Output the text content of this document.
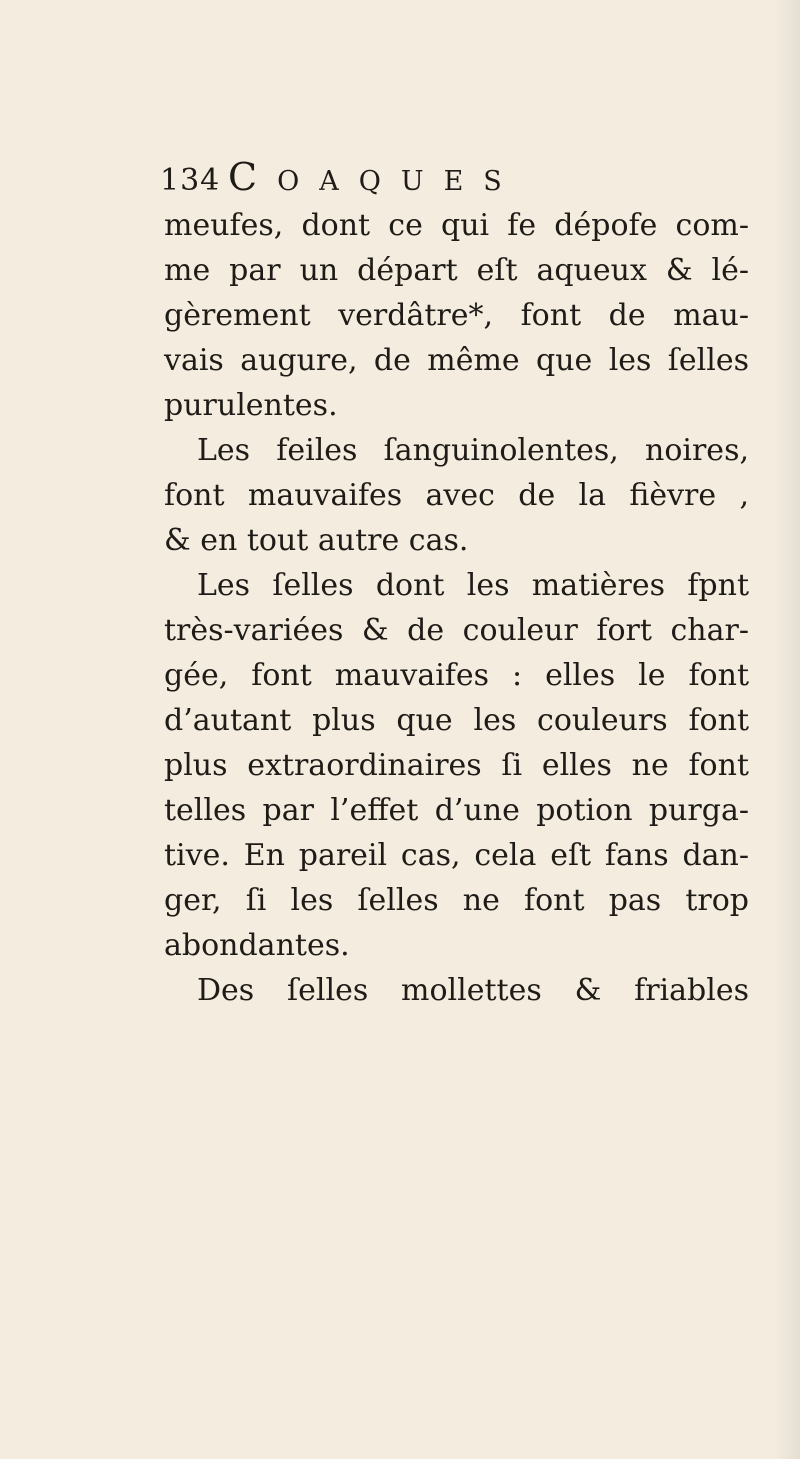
134 Coaques
meufes, dont ce qui fe dépofe com-
me par un départ eſt aqueux & lé-
gèrement verdâtre*, font de mau-
vais augure, de même que les ſelles
purulentes.
Les feiles ſanguinolentes, noires,
font mauvaifes avec de la fièvre ,
& en tout autre cas.
Les ſelles dont les matières fpnt
très-variées & de couleur fort char-
gée, font mauvaifes : elles le font
d’autant plus que les couleurs font
plus extraordinaires ſi elles ne font
telles par l’effet d’une potion purga-
tive. En pareil cas, cela eſt fans dan-
ger, ſi les ſelles ne font pas trop
abondantes.
Des ſelles mollettes & friables
